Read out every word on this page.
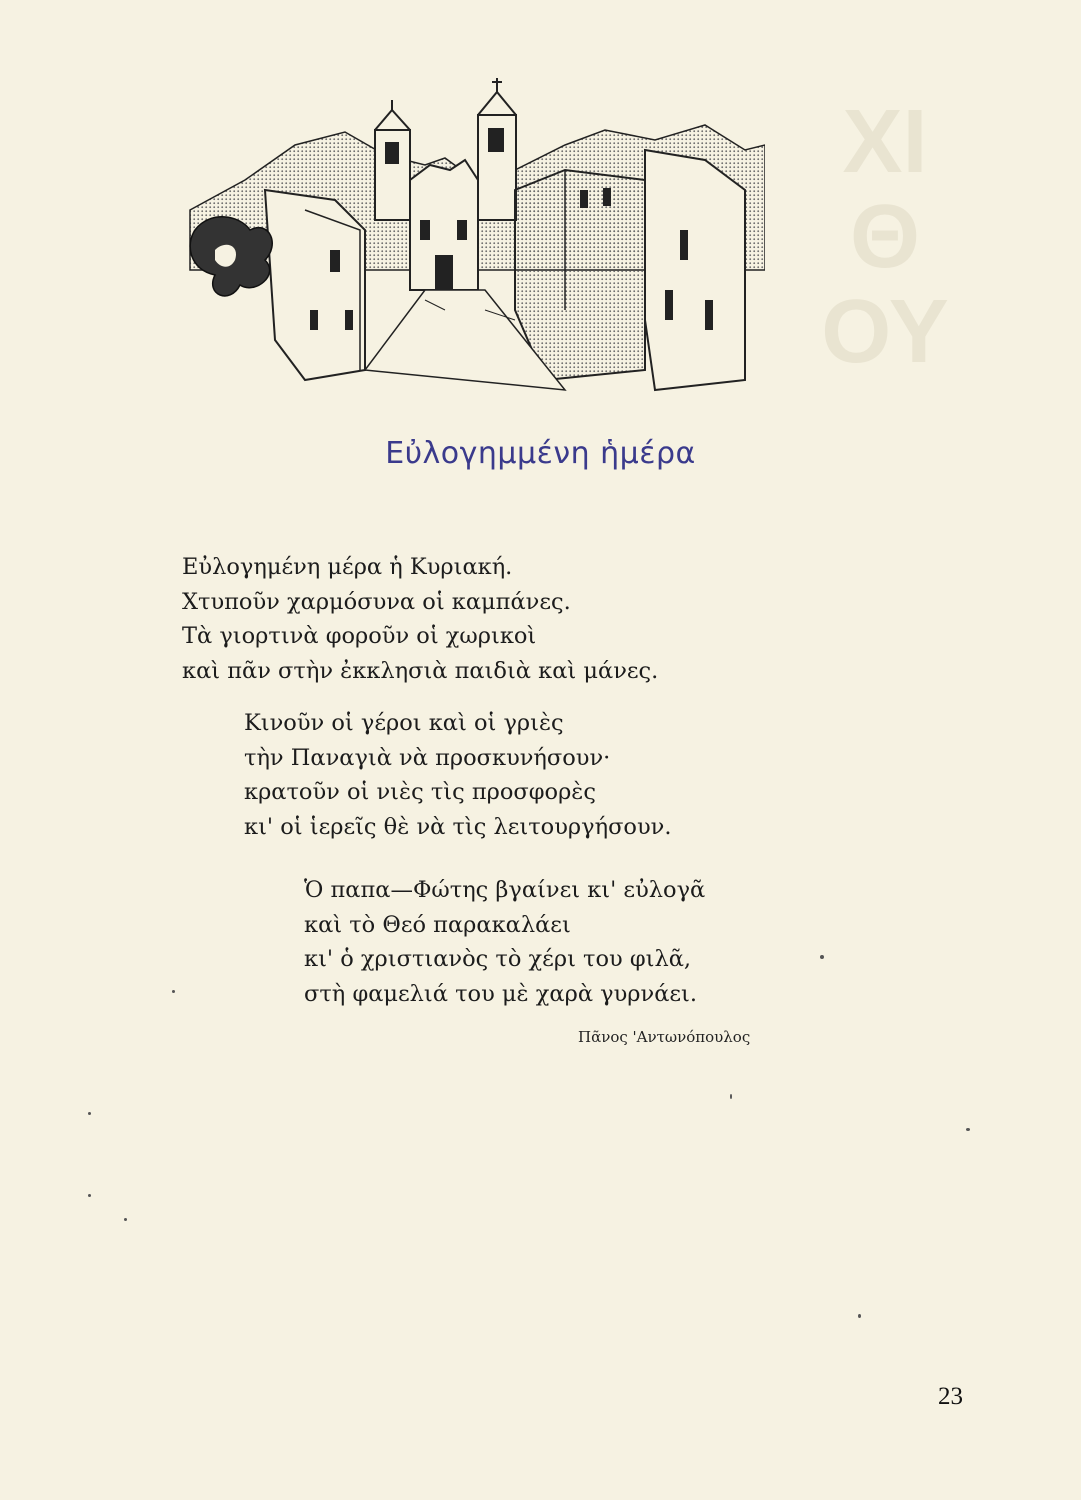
ΧΙ
Θ
ΟΥ
Εὐλογημμένη ἡμέρα
Εὐλογημένη μέρα ἡ Κυριακή.
Χτυποῦν χαρμόσυνα οἱ καμπάνες.
Τὰ γιορτινὰ φοροῦν οἱ χωρικοὶ
καὶ πᾶν στὴν ἐκκλησιὰ παιδιὰ καὶ μάνες.
Κινοῦν οἱ γέροι καὶ οἱ γριὲς
τὴν Παναγιὰ νὰ προσκυνήσουν·
κρατοῦν οἱ νιὲς τὶς προσφορὲς
κι' οἱ ἱερεῖς θὲ νὰ τὶς λειτουργήσουν.
Ὁ παπα—Φώτης βγαίνει κι' εὐλογᾶ
καὶ τὸ Θεό παρακαλάει
κι' ὁ χριστιανὸς τὸ χέρι του φιλᾶ,
στὴ φαμελιά του μὲ χαρὰ γυρνάει.

Πᾶνος 'Αντωνόπουλος

23
